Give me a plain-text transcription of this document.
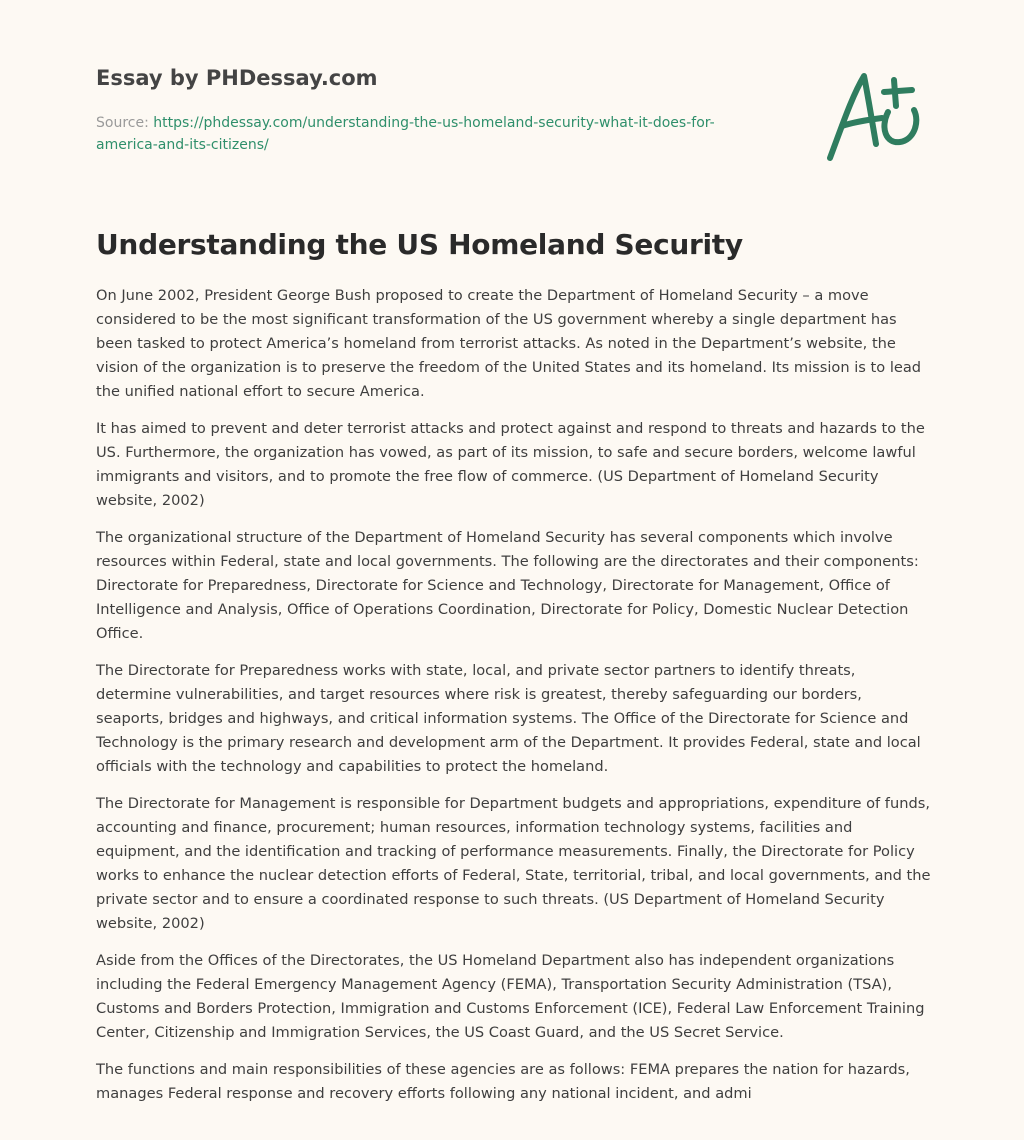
Essay by PHDessay.com
Source: https://phdessay.com/understanding-the-us-homeland-security-what-it-does-for-america-and-its-citizens/
Understanding the US Homeland Security

On June 2002, President George Bush proposed to create the Department of Homeland Security – a move considered to be the most significant transformation of the US government whereby a single department has been tasked to protect America’s homeland from terrorist attacks. As noted in the Department’s website, the vision of the organization is to preserve the freedom of the United States and its homeland. Its mission is to lead the unified national effort to secure America.

It has aimed to prevent and deter terrorist attacks and protect against and respond to threats and hazards to the US. Furthermore, the organization has vowed, as part of its mission, to safe and secure borders, welcome lawful immigrants and visitors, and to promote the free flow of commerce. (US Department of Homeland Security website, 2002)

The organizational structure of the Department of Homeland Security has several components which involve resources within Federal, state and local governments. The following are the directorates and their components: Directorate for Preparedness, Directorate for Science and Technology, Directorate for Management, Office of Intelligence and Analysis, Office of Operations Coordination, Directorate for Policy, Domestic Nuclear Detection Office.

The Directorate for Preparedness works with state, local, and private sector partners to identify threats, determine vulnerabilities, and target resources where risk is greatest, thereby safeguarding our borders, seaports, bridges and highways, and critical information systems. The Office of the Directorate for Science and Technology is the primary research and development arm of the Department. It provides Federal, state and local officials with the technology and capabilities to protect the homeland.

The Directorate for Management is responsible for Department budgets and appropriations, expenditure of funds, accounting and finance, procurement; human resources, information technology systems, facilities and equipment, and the identification and tracking of performance measurements. Finally, the Directorate for Policy works to enhance the nuclear detection efforts of Federal, State, territorial, tribal, and local governments, and the private sector and to ensure a coordinated response to such threats. (US Department of Homeland Security website, 2002)

Aside from the Offices of the Directorates, the US Homeland Department also has independent organizations including the Federal Emergency Management Agency (FEMA), Transportation Security Administration (TSA), Customs and Borders Protection, Immigration and Customs Enforcement (ICE), Federal Law Enforcement Training Center, Citizenship and Immigration Services, the US Coast Guard, and the US Secret Service.

The functions and main responsibilities of these agencies are as follows: FEMA prepares the nation for hazards, manages Federal response and recovery efforts following any national incident, and admi
